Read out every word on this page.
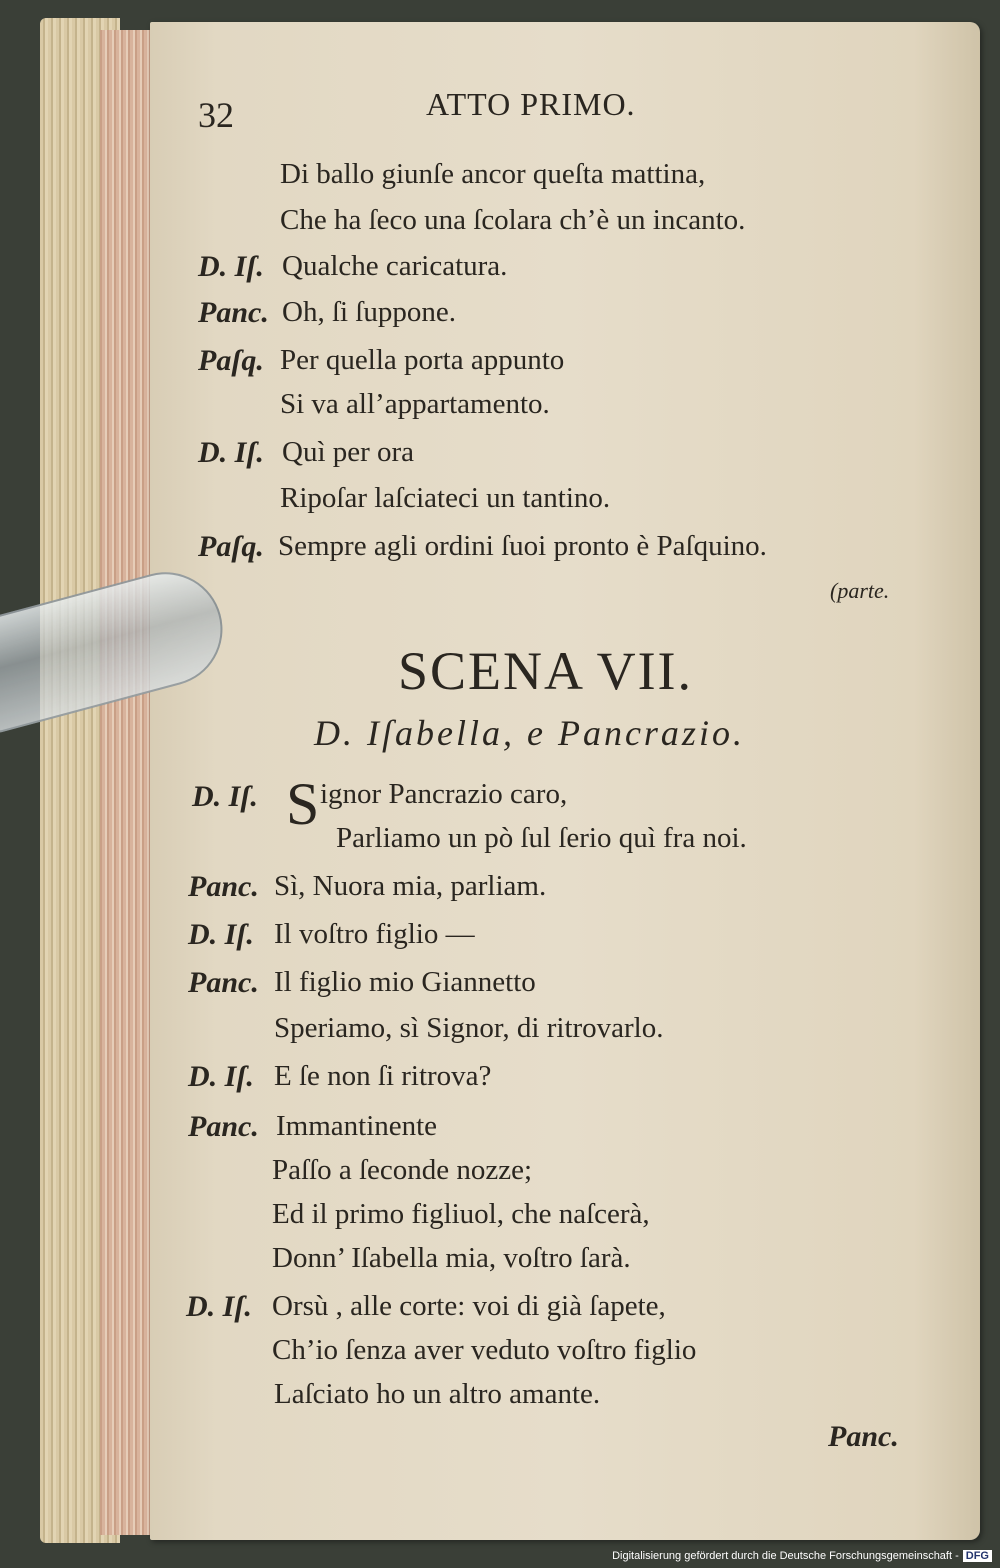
32	ATTO PRIMO.
Di ballo giunſe ancor queſta mattina,
Che ha ſeco una ſcolara ch’è un incanto.
D. Iſ. Qualche caricatura.
Panc. Oh, ſi ſuppone.
Paſq. Per quella porta appunto
Si va all’appartamento.
D. Iſ. Quì per ora
Ripoſar laſciateci un tantino.
Paſq. Sempre agli ordini ſuoi pronto è Paſquino.
(parte.
SCENA VII.
D. Iſabella, e Pancrazio.
D. Iſ. S ignor Pancrazio caro,
Parliamo un pò ſul ſerio quì fra noi.
Panc. Sì, Nuora mia, parliam.
D. Iſ. Il voſtro figlio —
Panc. Il figlio mio Giannetto
Speriamo, sì Signor, di ritrovarlo.
D. Iſ. E ſe non ſi ritrova?
Panc. Immantinente
Paſſo a ſeconde nozze;
Ed il primo figliuol, che naſcerà,
Donn’ Iſabella mia, voſtro ſarà.
D. Iſ. Orsù , alle corte: voi di già ſapete,
Ch’io ſenza aver veduto voſtro figlio
Laſciato ho un altro amante.
Panc.
Digitalisierung gefördert durch die Deutsche Forschungsgemeinschaft - DFG
